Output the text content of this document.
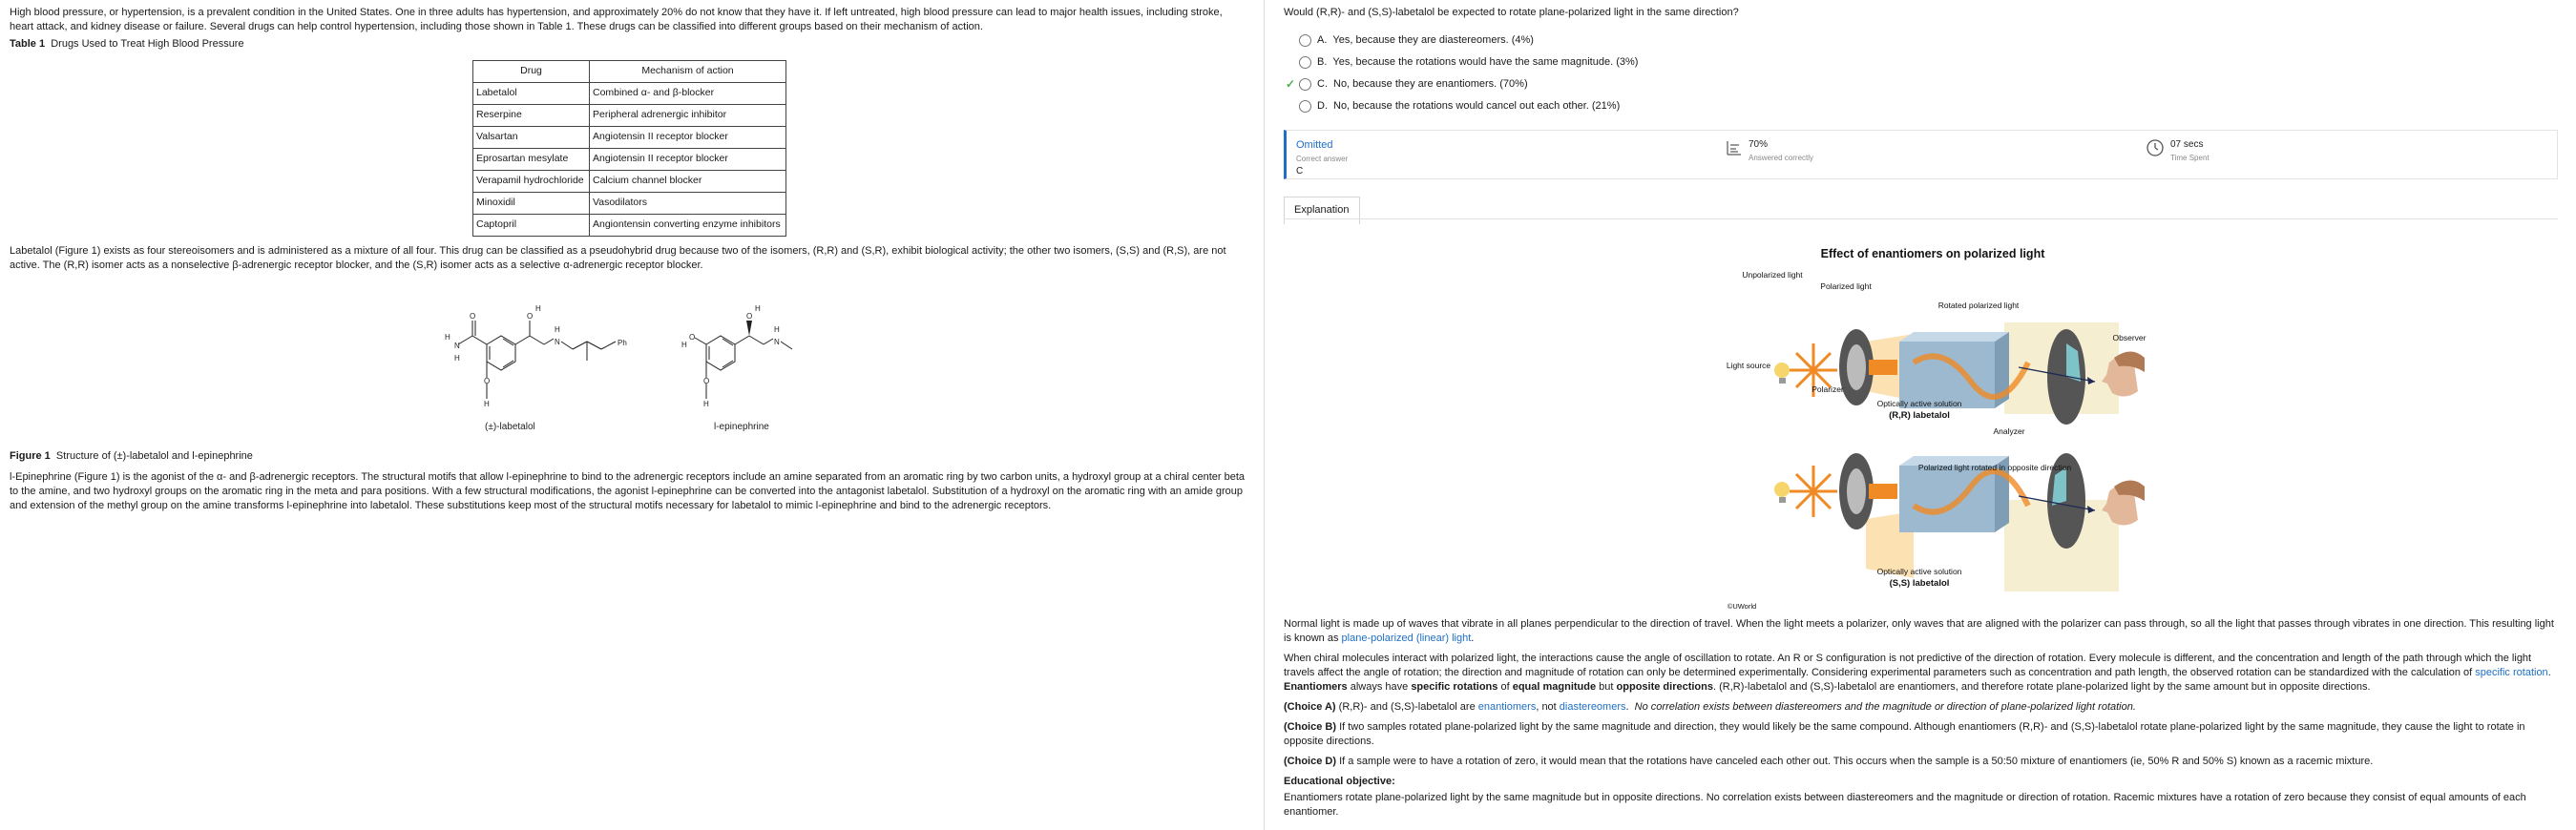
High blood pressure, or hypertension, is a prevalent condition in the United States. One in three adults has hypertension, and approximately 20% do not know that they have it. If left untreated, high blood pressure can lead to major health issues, including stroke, heart attack, and kidney disease or failure. Several drugs can help control hypertension, including those shown in Table 1. These drugs can be classified into different groups based on their mechanism of action.

Table 1 Drugs Used to Treat High Blood Pressure

Drug	Mechanism of action
Labetalol	Combined α- and β-blocker
Reserpine	Peripheral adrenergic inhibitor
Valsartan	Angiotensin II receptor blocker
Eprosartan mesylate	Angiotensin II receptor blocker
Verapamil hydrochloride	Calcium channel blocker
Minoxidil	Vasodilators
Captopril	Angiontensin converting enzyme inhibitors

Labetalol (Figure 1) exists as four stereoisomers and is administered as a mixture of all four. This drug can be classified as a pseudohybrid drug because two of the isomers, (R,R) and (S,R), exhibit biological activity; the other two isomers, (S,S) and (R,S), are not active. The (R,R) isomer acts as a nonselective β-adrenergic receptor blocker, and the (S,R) isomer acts as a selective α-adrenergic receptor blocker.

O
N
H
H
O
H
O
H
N
H
Ph
O
H
O
H
O
H
N
H
(±)-labetalol	l-epinephrine

Figure 1 Structure of (±)-labetalol and l-epinephrine

l-Epinephrine (Figure 1) is the agonist of the α- and β-adrenergic receptors. The structural motifs that allow l-epinephrine to bind to the adrenergic receptors include an amine separated from an aromatic ring by two carbon units, a hydroxyl group at a chiral center beta to the amine, and two hydroxyl groups on the aromatic ring in the meta and para positions. With a few structural modifications, the agonist l-epinephrine can be converted into the antagonist labetalol. Substitution of a hydroxyl on the aromatic ring with an amide group and extension of the methyl group on the amine transforms l-epinephrine into labetalol. These substitutions keep most of the structural motifs necessary for labetalol to mimic l-epinephrine and bind to the adrenergic receptors.

Would (R,R)- and (S,S)-labetalol be expected to rotate plane-polarized light in the same direction?

A. Yes, because they are diastereomers. (4%)
B. Yes, because the rotations would have the same magnitude. (3%)
✓ C. No, because they are enantiomers. (70%)
D. No, because the rotations would cancel out each other. (21%)
Omitted
Correct answer
C
70%
Answered correctly
07 secs
Time Spent
Explanation
Effect of enantiomers on polarized light
Unpolarized light
Polarized light
Rotated polarized light
Observer
Light source
Polarizer
Optically active solution
(R,R) labetalol
Analyzer
Polarized light rotated in opposite direction
Optically active solution
(S,S) labetalol
©UWorld

Normal light is made up of waves that vibrate in all planes perpendicular to the direction of travel. When the light meets a polarizer, only waves that are aligned with the polarizer can pass through, so all the light that passes through vibrates in one direction. This resulting light is known as plane-polarized (linear) light.

When chiral molecules interact with polarized light, the interactions cause the angle of oscillation to rotate. An R or S configuration is not predictive of the direction of rotation. Every molecule is different, and the concentration and length of the path through which the light travels affect the angle of rotation; the direction and magnitude of rotation can only be determined experimentally. Considering experimental parameters such as concentration and path length, the observed rotation can be standardized with the calculation of specific rotation. Enantiomers always have specific rotations of equal magnitude but opposite directions. (R,R)-labetalol and (S,S)-labetalol are enantiomers, and therefore rotate plane-polarized light by the same amount but in opposite directions.

(Choice A) (R,R)- and (S,S)-labetalol are enantiomers, not diastereomers.  No correlation exists between diastereomers and the magnitude or direction of plane-polarized light rotation.

(Choice B) If two samples rotated plane-polarized light by the same magnitude and direction, they would likely be the same compound. Although enantiomers (R,R)- and (S,S)-labetalol rotate plane-polarized light by the same magnitude, they cause the light to rotate in opposite directions.

(Choice D) If a sample were to have a rotation of zero, it would mean that the rotations have canceled each other out. This occurs when the sample is a 50:50 mixture of enantiomers (ie, 50% R and 50% S) known as a racemic mixture.

Educational objective:

Enantiomers rotate plane-polarized light by the same magnitude but in opposite directions. No correlation exists between diastereomers and the magnitude or direction of rotation. Racemic mixtures have a rotation of zero because they consist of equal amounts of each enantiomer.
